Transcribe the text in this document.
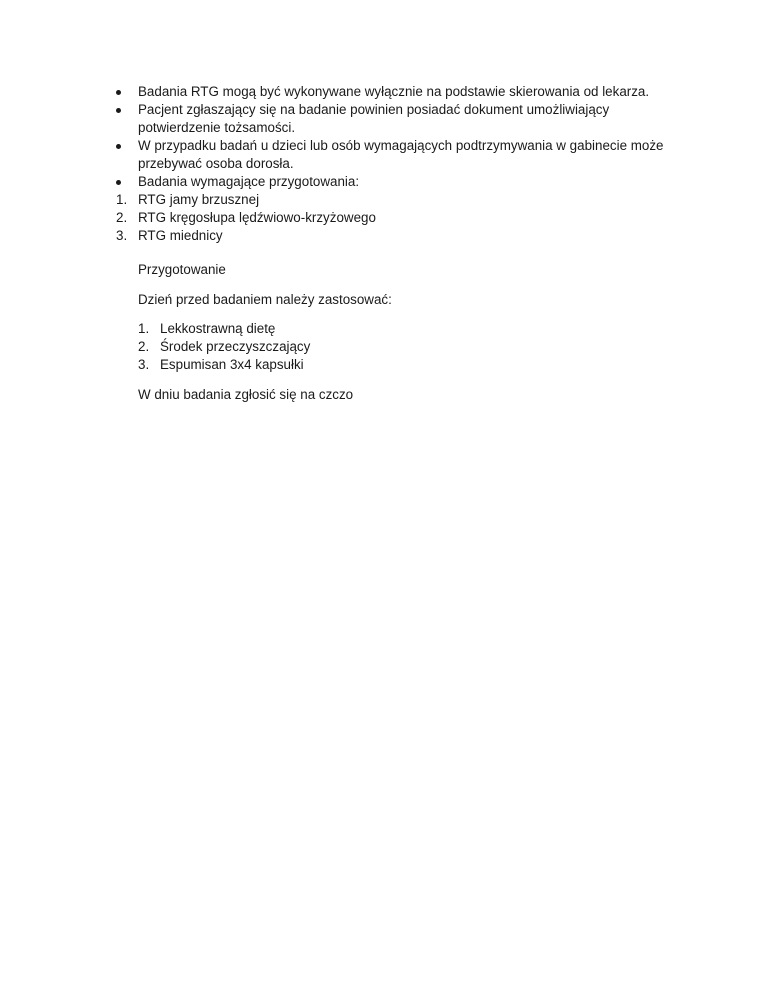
Badania RTG mogą być wykonywane wyłącznie na podstawie skierowania od lekarza.
Pacjent zgłaszający się na badanie powinien posiadać dokument umożliwiający potwierdzenie tożsamości.
W przypadku badań u dzieci lub osób wymagających podtrzymywania w gabinecie może przebywać osoba dorosła.
Badania wymagające przygotowania:
1. RTG jamy brzusznej
2. RTG kręgosłupa lędźwiowo-krzyżowego
3. RTG miednicy

Przygotowanie

Dzień przed badaniem należy zastosować:

1. Lekkostrawną dietę
2. Środek przeczyszczający
3. Espumisan 3x4 kapsułki

W dniu badania zgłosić się na czczo
